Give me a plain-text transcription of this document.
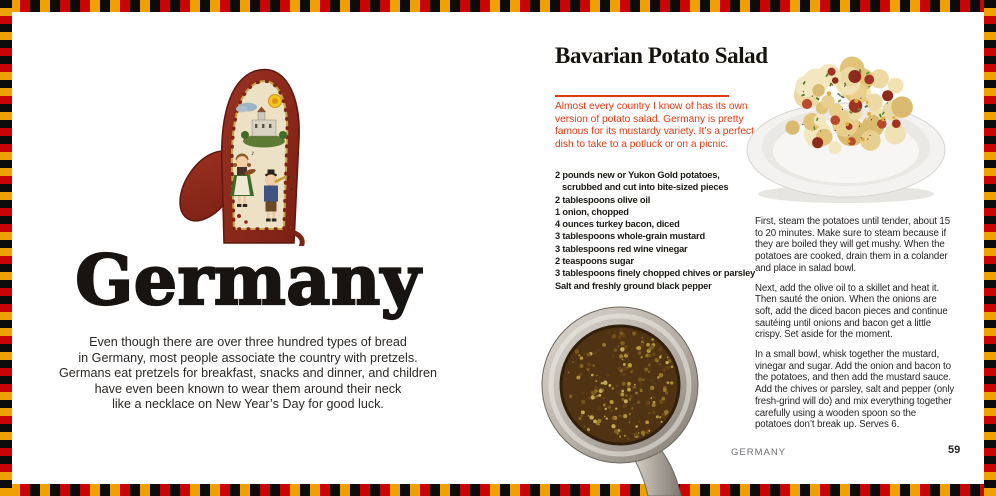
♪
♪
♪
Germany
Even though there are over three hundred types of bread
in Germany, most people associate the country with pretzels.
Germans eat pretzels for breakfast, snacks and dinner, and children
have even been known to wear them around their neck
like a necklace on New Year’s Day for good luck.
Bavarian Potato Salad
Almost every country I know of has its own
version of potato salad. Germany is pretty
famous for its mustardy variety. It’s a perfect
dish to take to a potluck or on a picnic.
2 pounds new or Yukon Gold potatoes,
scrubbed and cut into bite-sized pieces
2 tablespoons olive oil
1 onion, chopped
4 ounces turkey bacon, diced
3 tablespoons whole-grain mustard
3 tablespoons red wine vinegar
2 teaspoons sugar
3 tablespoons finely chopped chives or parsley
Salt and freshly ground black pepper

First, steam the potatoes until tender, about 15 to 20 minutes. Make sure to steam because if they are boiled they will get mushy. When the potatoes are cooked, drain them in a colander and place in salad bowl.

Next, add the olive oil to a skillet and heat it. Then sauté the onion. When the onions are soft, add the diced bacon pieces and continue sautéing until onions and bacon get a little crispy. Set aside for the moment.

In a small bowl, whisk together the mustard, vinegar and sugar. Add the onion and bacon to the potatoes, and then add the mustard sauce. Add the chives or parsley, salt and pepper (only fresh-grind will do) and mix everything together carefully using a wooden spoon so the potatoes don’t break up. Serves 6.

GERMANY	59
